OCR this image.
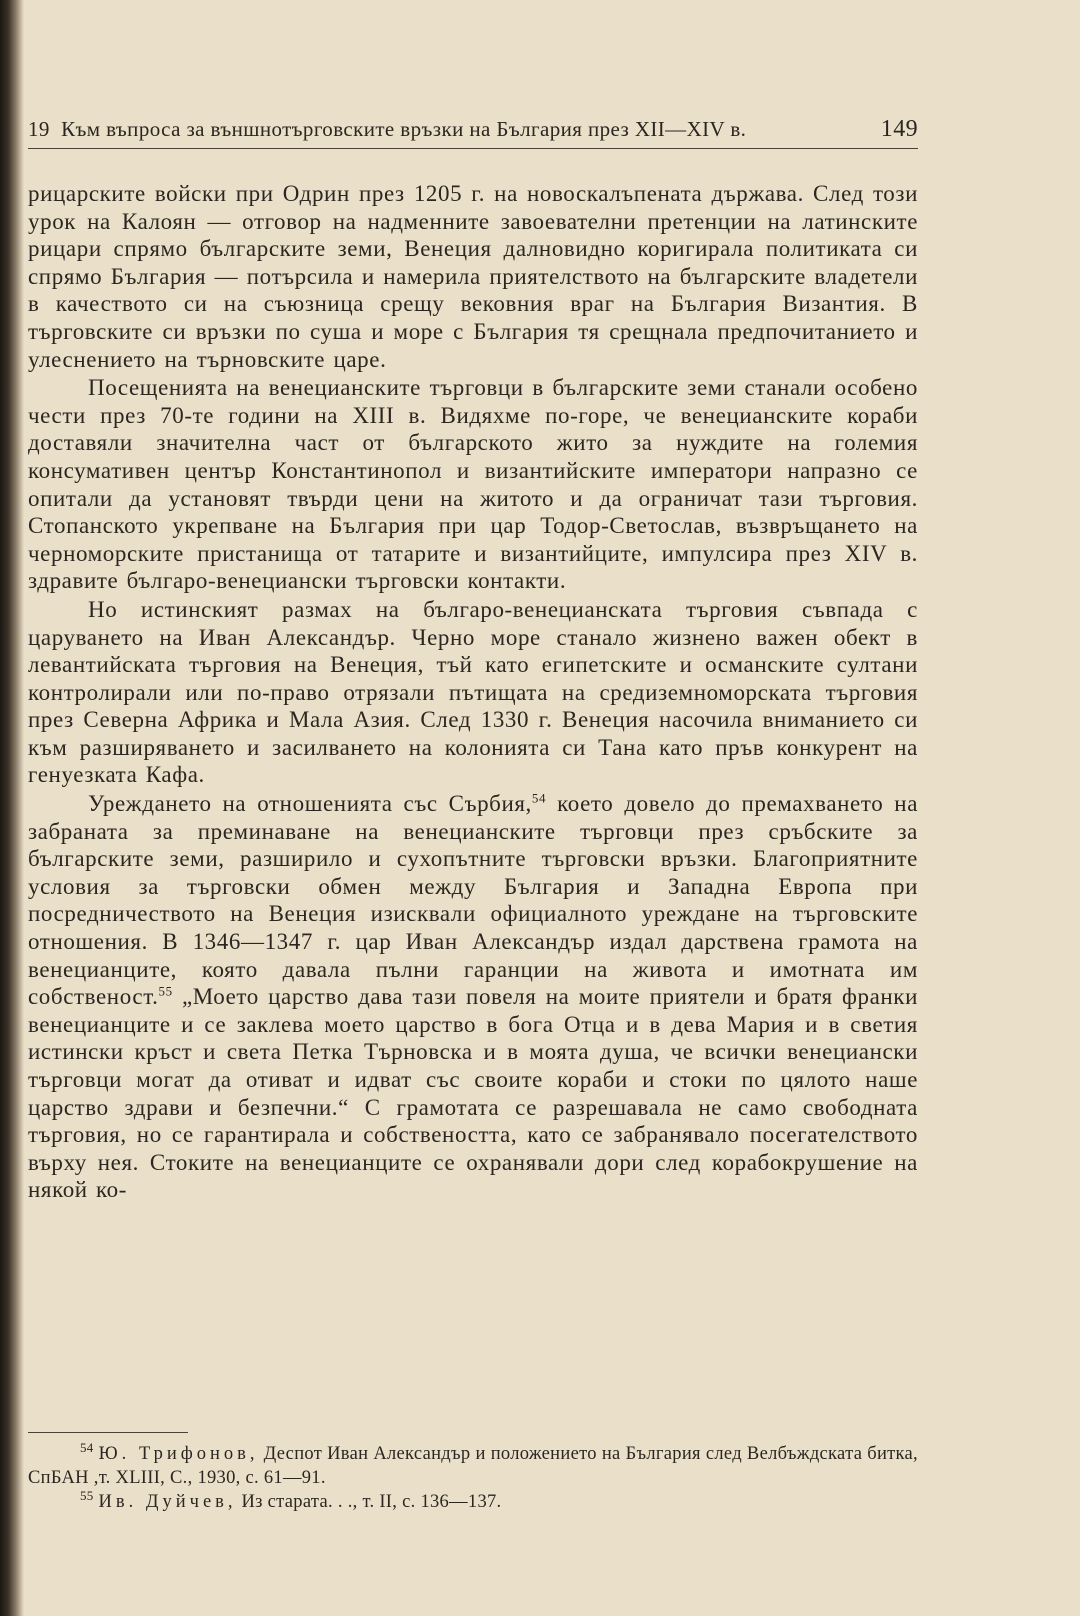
19 Към въпроса за външнотърговските връзки на България през XII—XIV в.	149

рицарските войски при Одрин през 1205 г. на новоскалъпената държава. След този урок на Калоян — отговор на надменните завоевателни претенции на латинските рицари спрямо българските земи, Венеция далновидно коригирала политиката си спрямо България — потърсила и намерила приятелството на българските владетели в качеството си на съюзница срещу вековния враг на България Византия. В търговските си връзки по суша и море с България тя срещнала предпочитанието и улеснението на търновските царе.

Посещенията на венецианските търговци в българските земи станали особено чести през 70-те години на XIII в. Видяхме по-горе, че венецианските кораби доставяли значителна част от българското жито за нуждите на големия консумативен център Константинопол и византийските императори напразно се опитали да установят твърди цени на житото и да ограничат тази търговия. Стопанското укрепване на България при цар Тодор-Светослав, възвръщането на черноморските пристанища от татарите и византийците, импулсира през XIV в. здравите българо-венециански търговски контакти.

Но истинският размах на българо-венецианската търговия съвпада с царуването на Иван Александър. Черно море станало жизнено важен обект в левантийската търговия на Венеция, тъй като египетските и османските султани контролирали или по-право отрязали пътищата на средиземноморската търговия през Северна Африка и Мала Азия. След 1330 г. Венеция насочила вниманието си към разширяването и засилването на колонията си Тана като пръв конкурент на генуезката Кафа.

Уреждането на отношенията със Сърбия,$^{54}$ което довело до премахването на забраната за преминаване на венецианските търговци през сръбските за българските земи, разширило и сухопътните търговски връзки. Благоприятните условия за търговски обмен между България и Западна Европа при посредничеството на Венеция изисквали официалното уреждане на търговските отношения. В 1346—1347 г. цар Иван Александър издал дарствена грамота на венецианците, която давала пълни гаранции на живота и имотната им собственост.$^{55}$ „Моето царство дава тази повеля на моите приятели и братя франки венецианците и се заклева моето царство в бога Отца и в дева Мария и в светия истински кръст и света Петка Търновска и в моята душа, че всички венециански търговци могат да отиват и идват със своите кораби и стоки по цялото наше царство здрави и безпечни.“ С грамотата се разрешавала не само свободната търговия, но се гарантирала и собствеността, като се забранявало посегателството върху нея. Стоките на венецианците се охранявали дори след корабокрушение на някой ко-

$^{54}$ Ю. Трифонов, Деспот Иван Александър и положението на България след Велбъждската битка, СпБАН ,т. XLIII, С., 1930, с. 61—91.

$^{55}$ Ив. Дуйчев, Из старата. . ., т. II, с. 136—137.
